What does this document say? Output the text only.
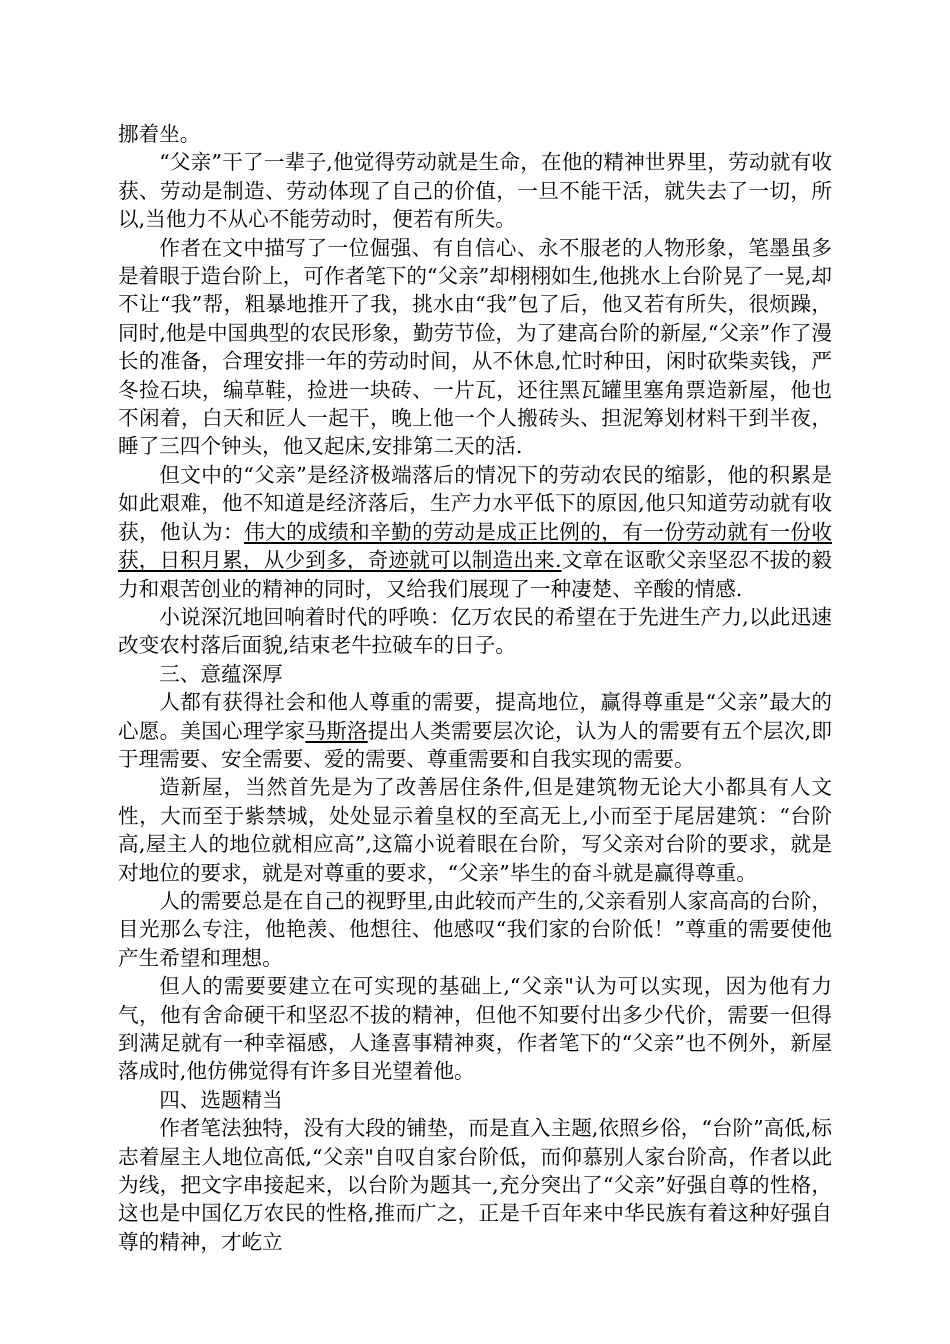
挪着坐。

“父亲”干了一辈子,他觉得劳动就是生命，在他的精神世界里，劳动就有收获、劳动是制造、劳动体现了自己的价值，一旦不能干活，就失去了一切，所以,当他力不从心不能劳动时，便若有所失。

作者在文中描写了一位倔强、有自信心、永不服老的人物形象，笔墨虽多是着眼于造台阶上，可作者笔下的“父亲”却栩栩如生,他挑水上台阶晃了一晃,却不让“我”帮，粗暴地推开了我，挑水由“我”包了后，他又若有所失，很烦躁，同时,他是中国典型的农民形象，勤劳节俭，为了建高台阶的新屋,“父亲”作了漫长的准备，合理安排一年的劳动时间，从不休息,忙时种田，闲时砍柴卖钱，严冬捡石块，编草鞋，捡进一块砖、一片瓦，还往黑瓦罐里塞角票造新屋，他也不闲着，白天和匠人一起干，晚上他一个人搬砖头、担泥筹划材料干到半夜，睡了三四个钟头，他又起床,安排第二天的活.

但文中的“父亲”是经济极端落后的情况下的劳动农民的缩影，他的积累是如此艰难，他不知道是经济落后，生产力水平低下的原因,他只知道劳动就有收获，他认为：伟大的成绩和辛勤的劳动是成正比例的，有一份劳动就有一份收获，日积月累，从少到多，奇迹就可以制造出来.文章在讴歌父亲坚忍不拔的毅力和艰苦创业的精神的同时，又给我们展现了一种凄楚、辛酸的情感.

小说深沉地回响着时代的呼唤：亿万农民的希望在于先进生产力,以此迅速改变农村落后面貌,结束老牛拉破车的日子。

三、意蕴深厚

人都有获得社会和他人尊重的需要，提高地位，赢得尊重是“父亲”最大的心愿。美国心理学家马斯洛提出人类需要层次论，认为人的需要有五个层次,即于理需要、安全需要、爱的需要、尊重需要和自我实现的需要。

造新屋，当然首先是为了改善居住条件,但是建筑物无论大小都具有人文性，大而至于紫禁城，处处显示着皇权的至高无上,小而至于尾居建筑：“台阶高,屋主人的地位就相应高”,这篇小说着眼在台阶，写父亲对台阶的要求，就是对地位的要求，就是对尊重的要求，“父亲”毕生的奋斗就是赢得尊重。

人的需要总是在自己的视野里,由此较而产生的,父亲看别人家高高的台阶，目光那么专注，他艳羡、他想往、他感叹“我们家的台阶低！”尊重的需要使他产生希望和理想。

但人的需要要建立在可实现的基础上,“父亲"认为可以实现，因为他有力气，他有舍命硬干和坚忍不拔的精神，但他不知要付出多少代价，需要一但得到满足就有一种幸福感，人逢喜事精神爽，作者笔下的“父亲”也不例外，新屋落成时,他仿佛觉得有许多目光望着他。

四、选题精当

作者笔法独特，没有大段的铺垫，而是直入主题,依照乡俗，“台阶”高低,标志着屋主人地位高低,“父亲"自叹自家台阶低，而仰慕别人家台阶高，作者以此为线，把文字串接起来，以台阶为题其一,充分突出了“父亲”好强自尊的性格，这也是中国亿万农民的性格,推而广之，正是千百年来中华民族有着这种好强自尊的精神，才屹立
